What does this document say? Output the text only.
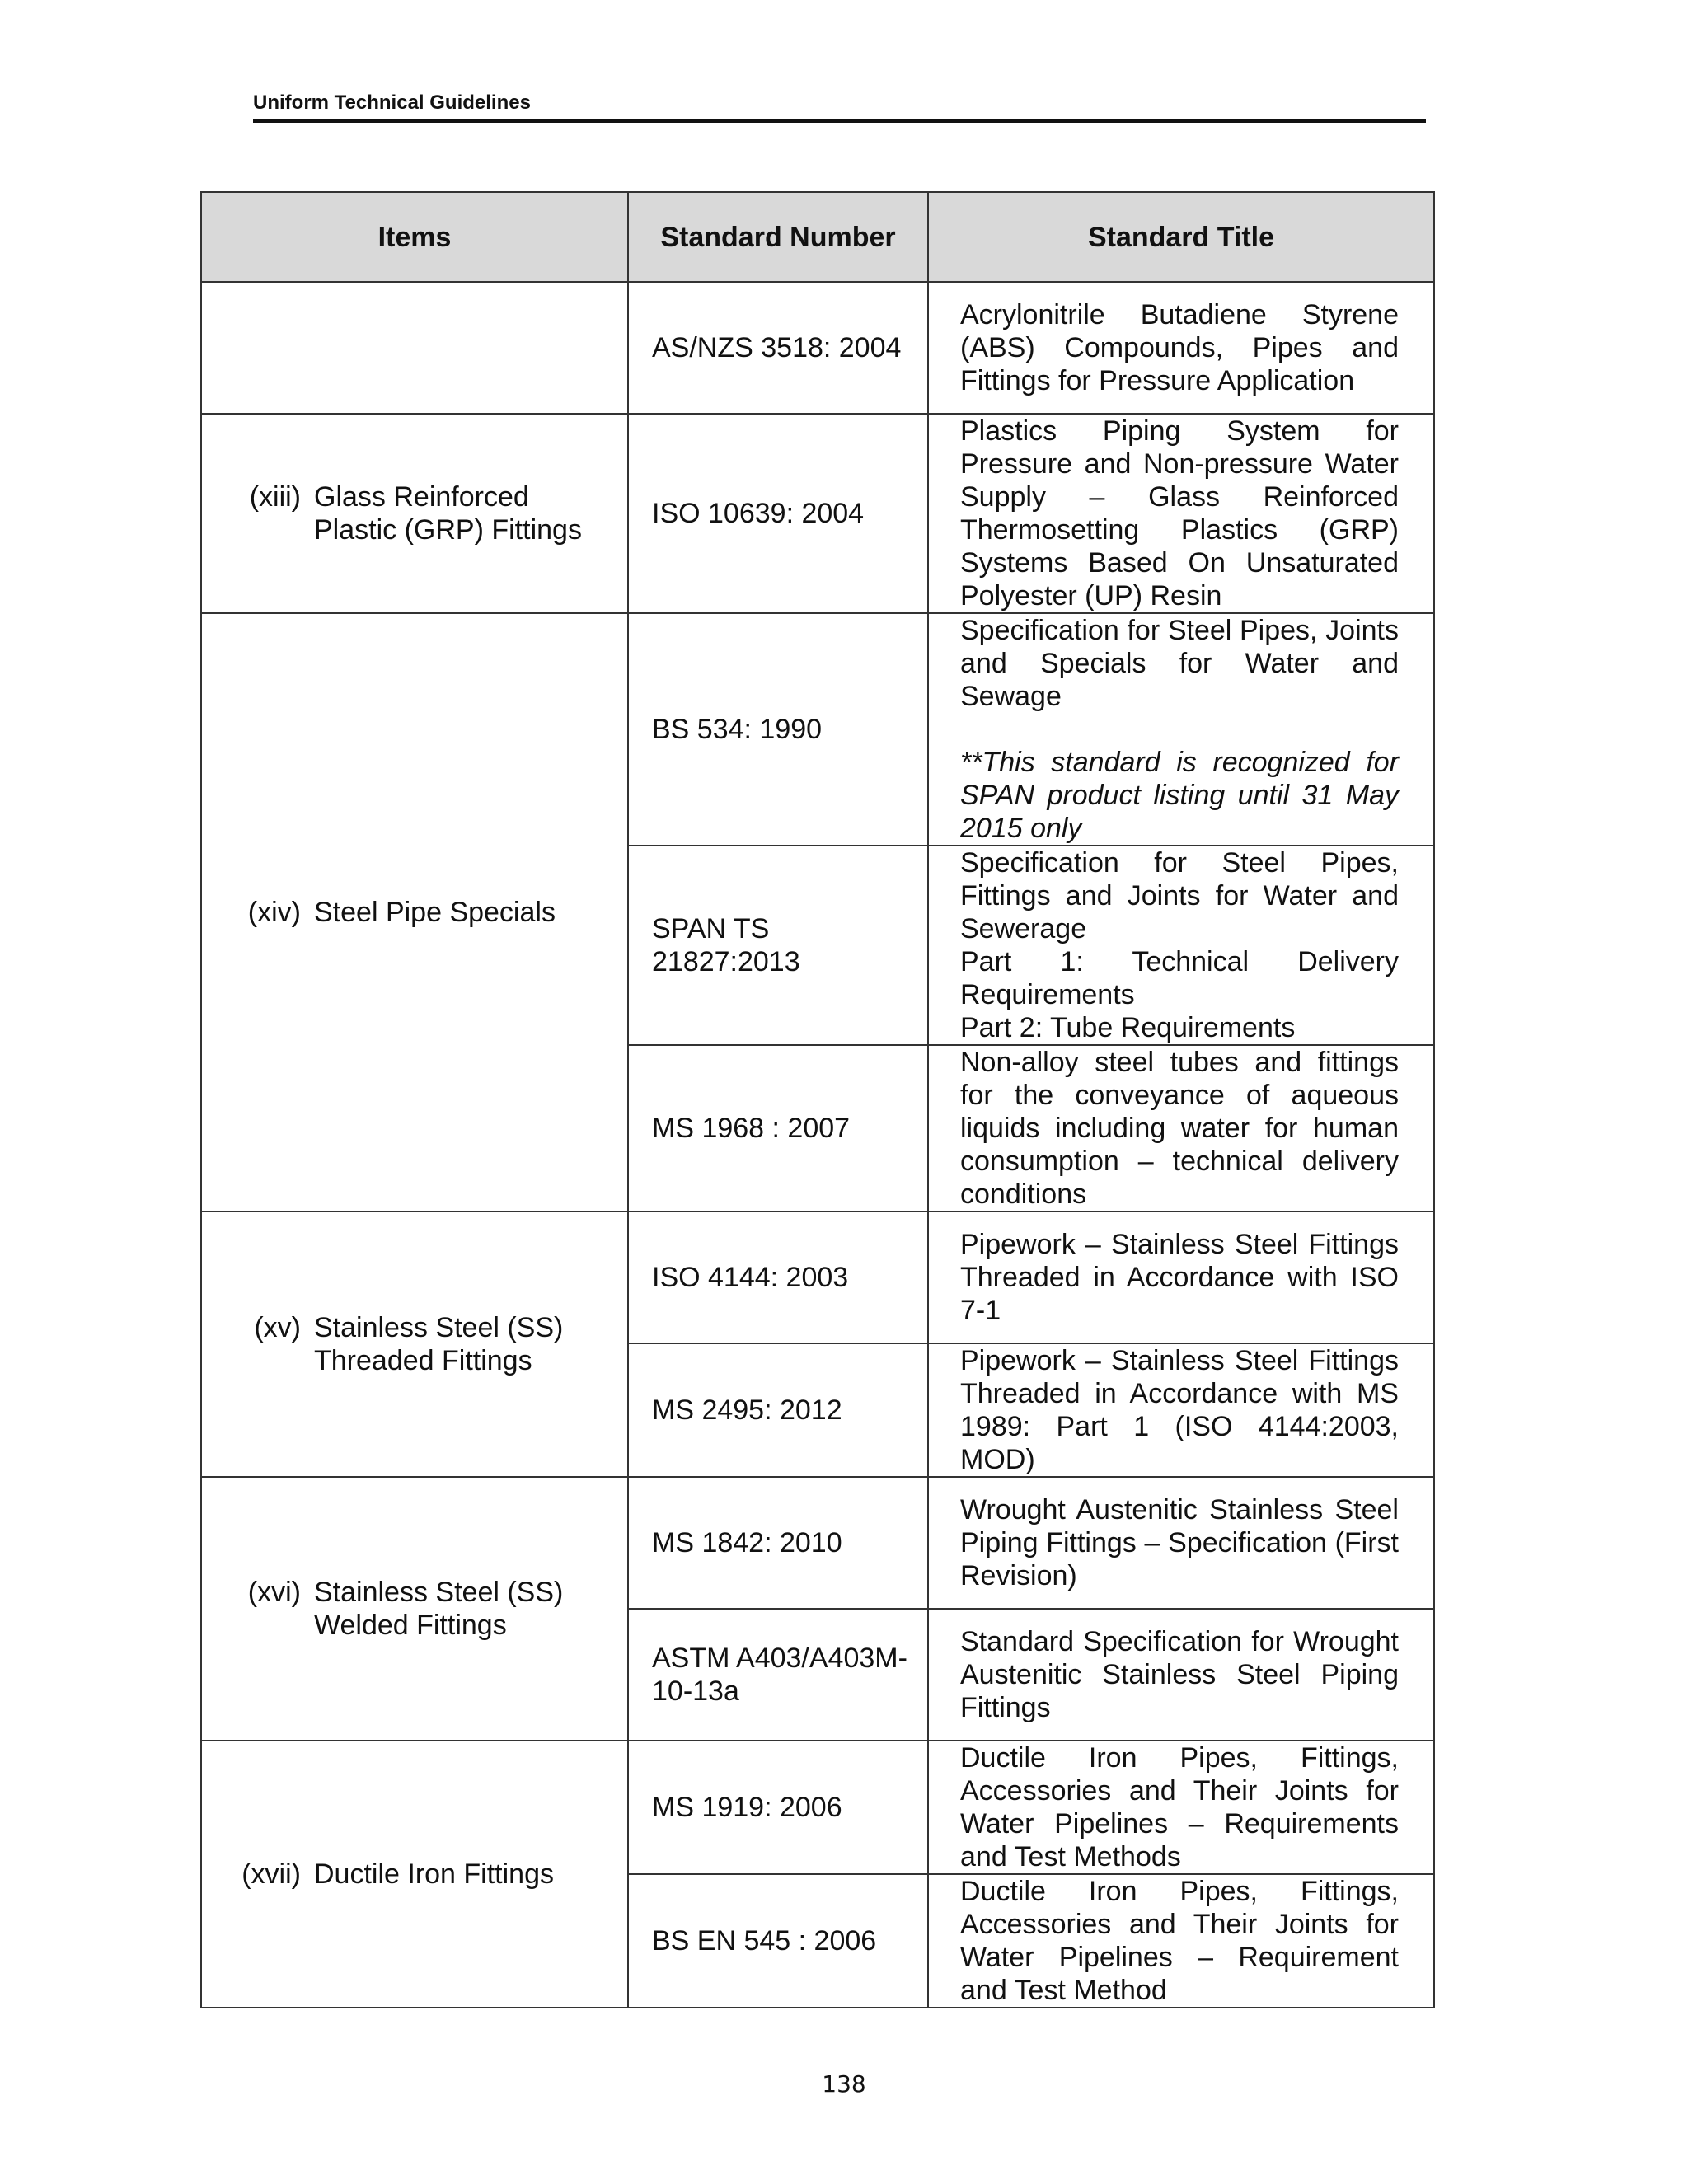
Uniform Technical Guidelines
Items	Standard Number	Standard Title
	AS/NZS 3518: 2004	Acrylonitrile Butadiene Styrene (ABS) Compounds, Pipes and Fittings for Pressure Application

(xiii) Glass Reinforced Plastic (GRP) Fittings	ISO 10639: 2004	Plastics Piping System for Pressure and Non-pressure Water Supply – Glass Reinforced Thermosetting Plastics (GRP) Systems Based On Unsaturated Polyester (UP) Resin

(xiv) Steel Pipe Specials	BS 534: 1990	Specification for Steel Pipes, Joints and Specials for Water and Sewage
**This standard is recognized for SPAN product listing until 31 May 2015 only

	SPAN TS 21827:2013	Specification for Steel Pipes, Fittings and Joints for Water and Sewerage
Part 1: Technical Delivery Requirements
Part 2: Tube Requirements

	MS 1968 : 2007	Non-alloy steel tubes and fittings for the conveyance of aqueous liquids including water for human consumption – technical delivery conditions

(xv) Stainless Steel (SS) Threaded Fittings	ISO 4144: 2003	Pipework – Stainless Steel Fittings Threaded in Accordance with ISO 7-1
	MS 2495: 2012	Pipework – Stainless Steel Fittings Threaded in Accordance with MS 1989: Part 1 (ISO 4144:2003, MOD)

(xvi) Stainless Steel (SS) Welded Fittings	MS 1842: 2010	Wrought Austenitic Stainless Steel Piping Fittings – Specification (First Revision)
	ASTM A403/A403M-10-13a	Standard Specification for Wrought Austenitic Stainless Steel Piping Fittings

(xvii) Ductile Iron Fittings	MS 1919: 2006	Ductile Iron Pipes, Fittings, Accessories and Their Joints for Water Pipelines – Requirements and Test Methods
	BS EN 545 : 2006	Ductile Iron Pipes, Fittings, Accessories and Their Joints for Water Pipelines – Requirement and Test Method
138
